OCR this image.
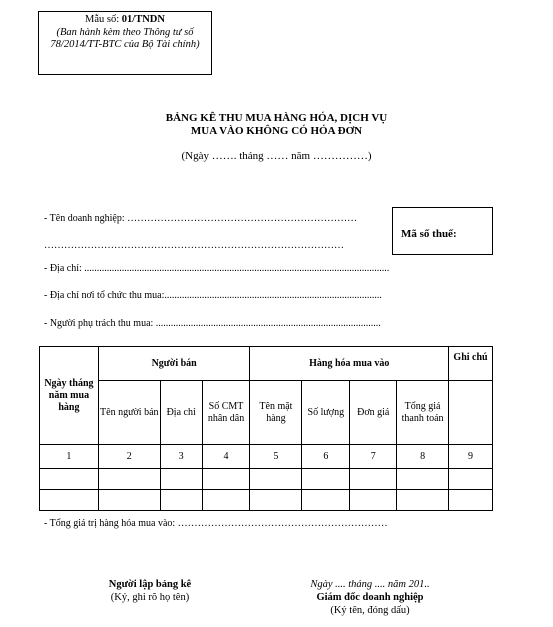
Mẫu số: 01/TNDN
(Ban hành kèm theo Thông tư số 78/2014/TT-BTC của Bộ Tài chính)
BẢNG KÊ THU MUA HÀNG HÓA, DỊCH VỤ
MUA VÀO KHÔNG CÓ HÓA ĐƠN
(Ngày ……. tháng …… năm ……………)
- Tên doanh nghiệp: ……………………………………………………………
………………………………………………………………………………
Mã số thuế:
- Địa chỉ: ..........................................................................................................................
- Địa chỉ nơi tổ chức thu mua:.......................................................................................
- Người phụ trách thu mua: ..........................................................................................
Ngày tháng năm mua hàng	Người bán			Hàng hóa mua vào				Ghi chú
	Tên người bán	Địa chỉ	Số CMT nhân dân	Tên mặt hàng	Số lượng	Đơn giá	Tổng giá thanh toán	
1	2	3	4	5	6	7	8	9

- Tổng giá trị hàng hóa mua vào: ………………………………………………………
Người lập bảng kê
(Ký, ghi rõ họ tên)
Ngày .... tháng .... năm 201..
Giám đốc doanh nghiệp
(Ký tên, đóng dấu)
